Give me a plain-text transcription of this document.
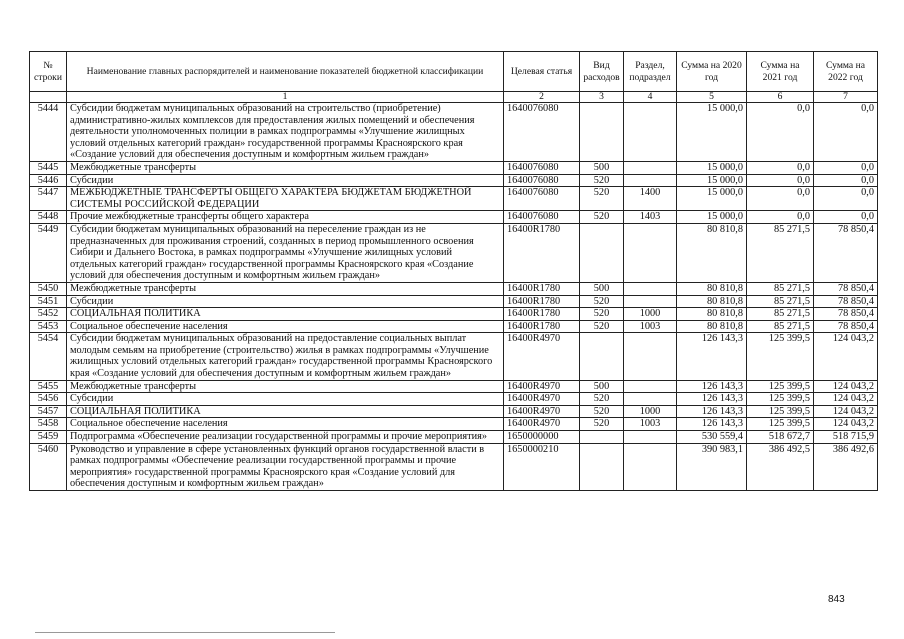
№ строки	Наименование главных распорядителей и наименование показателей бюджетной классификации	Целевая статья	Вид расходов	Раздел, подраздел	Сумма на 2020 год	Сумма на 2021 год	Сумма на 2022 год
	1	2	3	4	5	6	7
5444	Субсидии бюджетам муниципальных образований на строительство (приобретение) административно-жилых комплексов для предоставления жилых помещений и обеспечения деятельности уполномоченных полиции в рамках подпрограммы «Улучшение жилищных условий отдельных категорий граждан» государственной программы Красноярского края «Создание условий для обеспечения доступным и комфортным жильем граждан»	1640076080			15 000,0	0,0	0,0
5445	Межбюджетные трансферты	1640076080	500		15 000,0	0,0	0,0
5446	Субсидии	1640076080	520		15 000,0	0,0	0,0
5447	МЕЖБЮДЖЕТНЫЕ ТРАНСФЕРТЫ ОБЩЕГО ХАРАКТЕРА БЮДЖЕТАМ БЮДЖЕТНОЙ СИСТЕМЫ РОССИЙСКОЙ ФЕДЕРАЦИИ	1640076080	520	1400	15 000,0	0,0	0,0
5448	Прочие межбюджетные трансферты общего характера	1640076080	520	1403	15 000,0	0,0	0,0
5449	Субсидии бюджетам муниципальных образований на переселение граждан из не предназначенных для проживания строений, созданных в период промышленного освоения Сибири и Дальнего Востока, в рамках подпрограммы «Улучшение жилищных условий отдельных категорий граждан» государственной программы Красноярского края «Создание условий для обеспечения доступным и комфортным жильем граждан»	16400R1780			80 810,8	85 271,5	78 850,4
5450	Межбюджетные трансферты	16400R1780	500		80 810,8	85 271,5	78 850,4
5451	Субсидии	16400R1780	520		80 810,8	85 271,5	78 850,4
5452	СОЦИАЛЬНАЯ ПОЛИТИКА	16400R1780	520	1000	80 810,8	85 271,5	78 850,4
5453	Социальное обеспечение населения	16400R1780	520	1003	80 810,8	85 271,5	78 850,4
5454	Субсидии бюджетам муниципальных образований на предоставление социальных выплат молодым семьям на приобретение (строительство) жилья в рамках подпрограммы «Улучшение жилищных условий отдельных категорий граждан» государственной программы Красноярского края «Создание условий для обеспечения доступным и комфортным жильем граждан»	16400R4970			126 143,3	125 399,5	124 043,2
5455	Межбюджетные трансферты	16400R4970	500		126 143,3	125 399,5	124 043,2
5456	Субсидии	16400R4970	520		126 143,3	125 399,5	124 043,2
5457	СОЦИАЛЬНАЯ ПОЛИТИКА	16400R4970	520	1000	126 143,3	125 399,5	124 043,2
5458	Социальное обеспечение населения	16400R4970	520	1003	126 143,3	125 399,5	124 043,2
5459	Подпрограмма «Обеспечение реализации государственной программы и прочие мероприятия»	1650000000			530 559,4	518 672,7	518 715,9
5460	Руководство и управление в сфере установленных функций органов государственной власти в рамках подпрограммы «Обеспечение реализации государственной программы и прочие мероприятия» государственной программы Красноярского края «Создание условий для обеспечения доступным и комфортным жильем граждан»	1650000210			390 983,1	386 492,5	386 492,6
843
